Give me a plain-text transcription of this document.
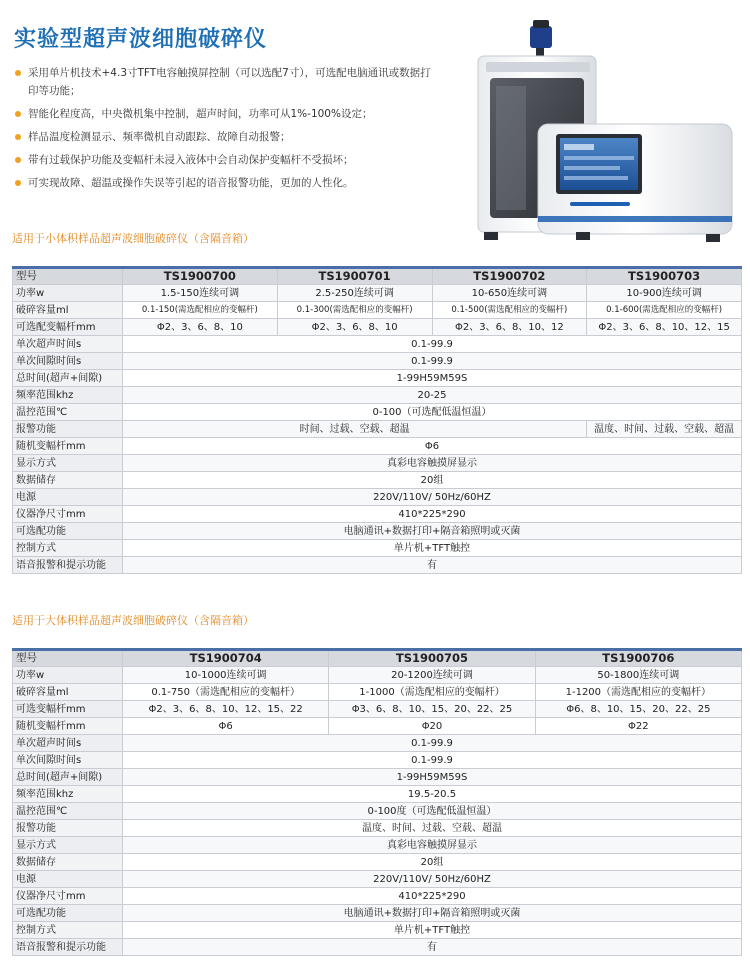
实验型超声波细胞破碎仪
采用单片机技术+4.3寸TFT电容触摸屏控制（可以选配7寸），可选配电脑通讯或数据打印等功能；
智能化程度高，中央微机集中控制，超声时间，功率可从1%-100%设定；
样品温度检测显示、频率微机自动跟踪、故障自动报警；
带有过载保护功能及变幅杆未浸入液体中会自动保护变幅杆不受损坏；
可实现故障、超温或操作失误等引起的语音报警功能，更加的人性化。
适用于小体积样品超声波细胞破碎仪（含隔音箱）
型号	TS1900700	TS1900701	TS1900702	TS1900703
功率w	1.5-150连续可调	2.5-250连续可调	10-650连续可调	10-900连续可调
破碎容量ml	0.1-150(需选配相应的变幅杆)	0.1-300(需选配相应的变幅杆)	0.1-500(需选配相应的变幅杆)	0.1-600(需选配相应的变幅杆)
可选配变幅杆mm	Φ2、3、6、8、10	Φ2、3、6、8、10	Φ2、3、6、8、10、12	Φ2、3、6、8、10、12、15
单次超声时间s	0.1-99.9			
单次间隙时间s	0.1-99.9			
总时间(超声+间隙)	1-99H59M59S			
频率范围khz	20-25			
温控范围℃	0-100（可选配低温恒温）			
报警功能	时间、过载、空载、超温			温度、时间、过载、空载、超温
随机变幅杆mm	Φ6			
显示方式	真彩电容触摸屏显示			
数据储存	20组			
电源	220V/110V/ 50Hz/60HZ			
仪器净尺寸mm	410*225*290			
可选配功能	电脑通讯+数据打印+隔音箱照明或灭菌			
控制方式	单片机+TFT触控			
语音报警和提示功能	有			
适用于大体积样品超声波细胞破碎仪（含隔音箱）
型号	TS1900704	TS1900705	TS1900706
功率w	10-1000连续可调	20-1200连续可调	50-1800连续可调
破碎容量ml	0.1-750（需选配相应的变幅杆）	1-1000（需选配相应的变幅杆）	1-1200（需选配相应的变幅杆）
可选变幅杆mm	Φ2、3、6、8、10、12、15、22	Φ3、6、8、10、15、20、22、25	Φ6、8、10、15、20、22、25
随机变幅杆mm	Φ6	Φ20	Φ22
单次超声时间s	0.1-99.9		
单次间隙时间s	0.1-99.9		
总时间(超声+间隙)	1-99H59M59S		
频率范围khz	19.5-20.5		
温控范围℃	0-100度（可选配低温恒温）		
报警功能	温度、时间、过载、空载、超温		
显示方式	真彩电容触摸屏显示		
数据储存	20组		
电源	220V/110V/ 50Hz/60HZ		
仪器净尺寸mm	410*225*290		
可选配功能	电脑通讯+数据打印+隔音箱照明或灭菌		
控制方式	单片机+TFT触控		
语音报警和提示功能	有		
